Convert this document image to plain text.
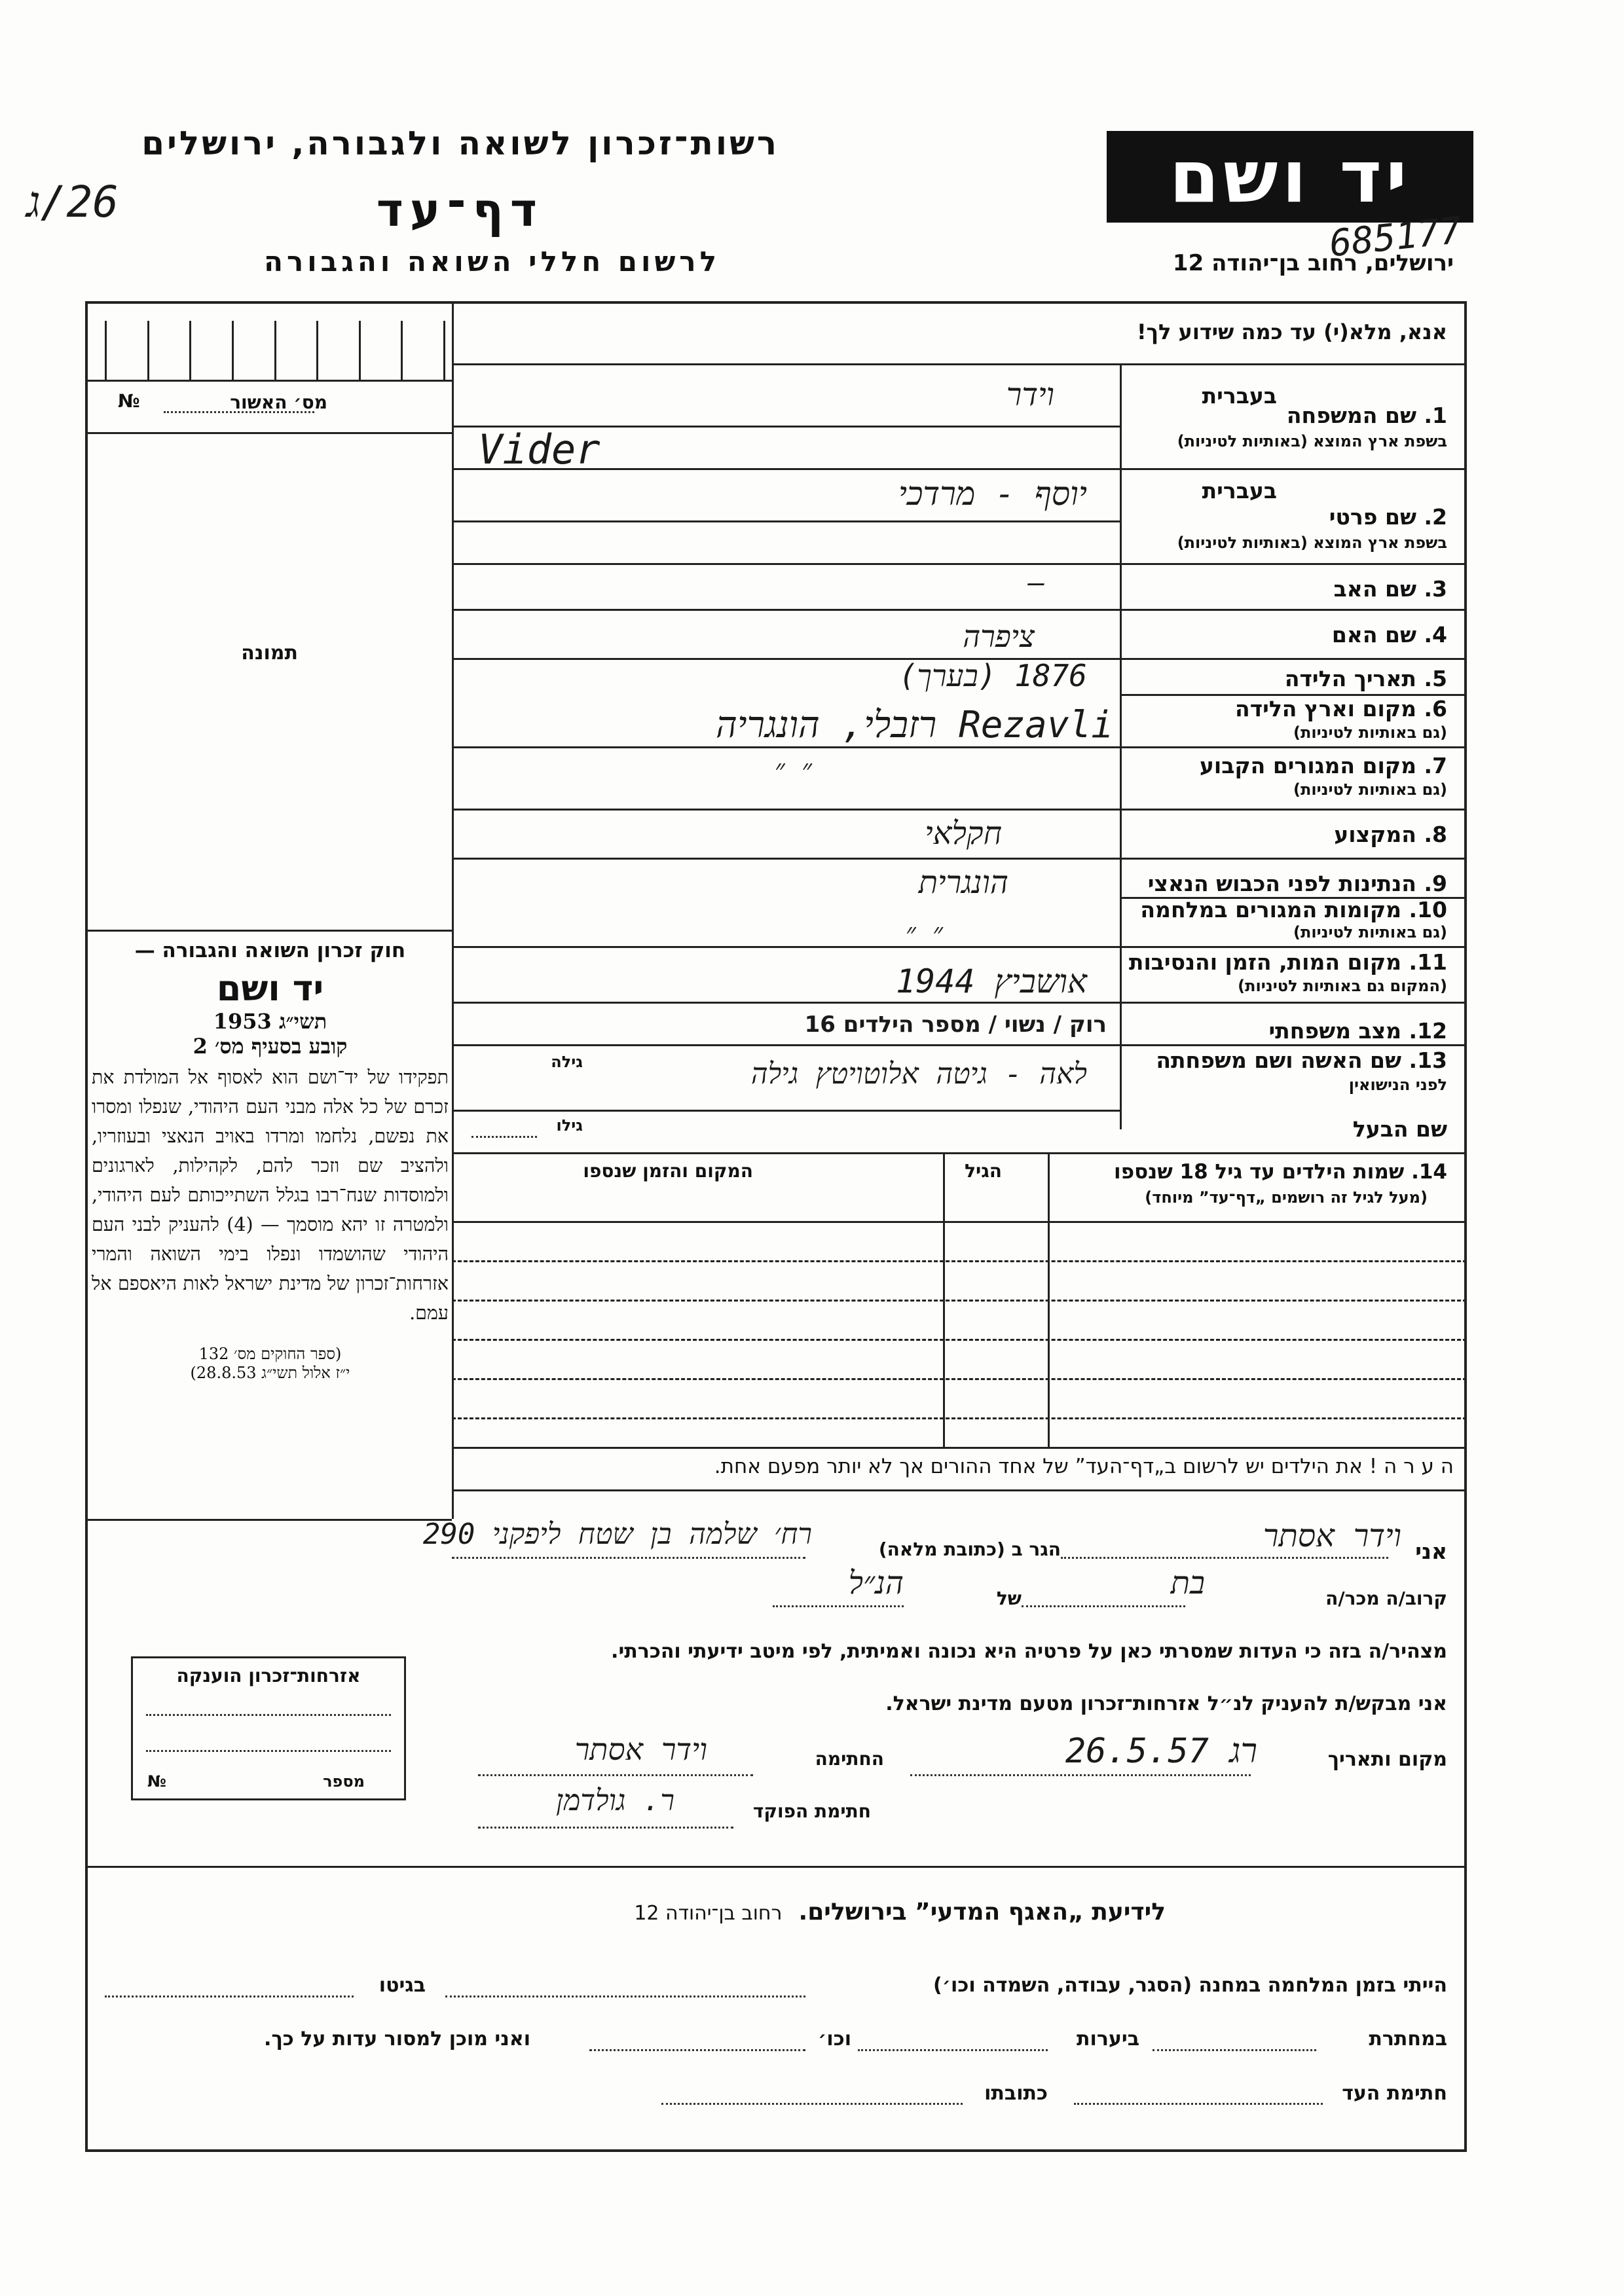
רשות־זכרון לשואה ולגבורה, ירושלים
דף־עד
לרשום חללי השואה והגבורה
26/ג	יד ושם
685177
ירושלים, רחוב בן־יהודה 12
מס׳ האשור
№
תמונה
חוק זכרון השואה והגבורה —
יד ושם
תשי״ג 1953
קובע בסעיף מס׳ 2
תפקידו של יד־ושם הוא לאסוף אל המולדת את זכרם של כל אלה מבני העם היהודי, שנפלו ומסרו את נפשם, נלחמו ומרדו באויב הנאצי ובעוזריו, ולהציב שם וזכר להם, לקהילות, לארגונים ולמוסדות שנח־רבו בגלל השתייכותם לעם היהודי, ולמטרה זו יהא מוסמך — (4) להעניק לבני העם היהודי שהושמדו ונפלו בימי השואה והמרי אזרחות־זכרון של מדינת ישראל לאות היאספם אל עמם.
(ספר החוקים מס׳ 132
י״ז אלול תשי״ג 28.8.53)
אנא, מלא(י) עד כמה שידוע לך!
בעברית
1. שם המשפחה
בשפת ארץ המוצא (באותיות לטיניות)
וידר
Vider
בעברית
2. שם פרטי
בשפת ארץ המוצא (באותיות לטיניות)
יוסף - מרדכי
3. שם האב
—
4. שם האם
ציפרה
5. תאריך הלידה
1876 (בערך)
6. מקום וארץ הלידה
(גם באותיות לטיניות)
Rezavli רזבלי, הונגריה
7. מקום המגורים הקבוע
(גם באותיות לטיניות)
״ ״
8. המקצוע
חקלאי
9. הנתינות לפני הכבוש הנאצי
הונגרית
10. מקומות המגורים במלחמה
(גם באותיות לטיניות)
״ ״
11. מקום המות, הזמן והנסיבות
(המקום גם באותיות לטיניות)
אושביץ 1944
12. מצב משפחתי
רוק / נשוי / מספר הילדים 16
13. שם האשה ושם משפחתה
לפני הנישואין
לאה - גיטה אלוטויטץ גילה
גילה
שם הבעל
גילו
14. שמות הילדים עד גיל 18 שנספו
(מעל לגיל זה רושמים „דף־עד” מיוחד)
הגיל
המקום והזמן שנספו
ה ע ר ה ! את הילדים יש לרשום ב„דף־העד” של אחד ההורים אך לא יותר מפעם אחת.
אני
וידר אסתר
הגר ב (כתובת מלאה)
רח׳ שלמה בן שטח ליפקני 290
קרוב/ה מכר/ה
בת
של
הנ״ל
מצהיר/ה בזה כי העדות שמסרתי כאן על פרטיה היא נכונה ואמיתית, לפי מיטב ידיעתי והכרתי.
אני מבקש/ת להעניק לנ״ל אזרחות־זכרון מטעם מדינת ישראל.
מקום ותאריך
רג 26.5.57
החתימה
וידר אסתר
חתימת הפוקד
ר. גולדמן
אזרחות־זכרון הוענקה
מספר
№
לידיעת „האגף המדעי” בירושלים.  רחוב בן־יהודה 12
הייתי בזמן המלחמה במחנה (הסגר, עבודה, השמדה וכו׳)
בגיטו
במחתרת
ביערות
וכו׳
ואני מוכן למסור עדות על כך.
חתימת העד
כתובתו
